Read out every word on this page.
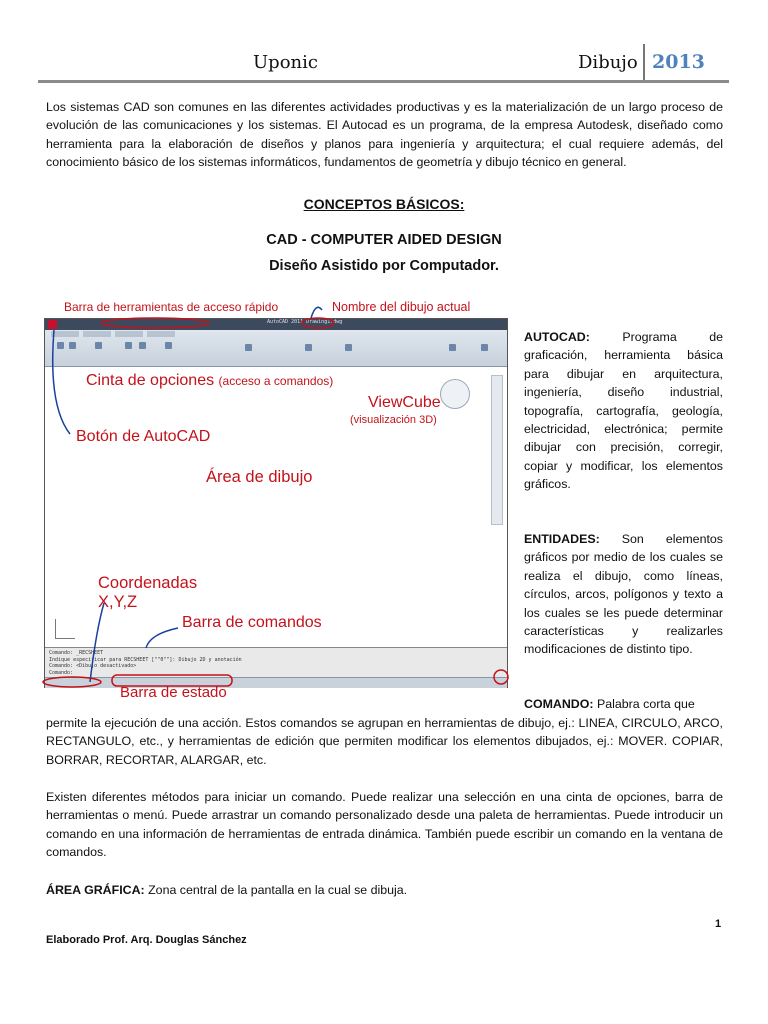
Uponic	Dibujo 2013
Los sistemas CAD son comunes en las diferentes actividades productivas y es la materialización de un largo proceso de evolución de las comunicaciones y los sistemas. El Autocad es un programa, de la empresa Autodesk, diseñado como herramienta para la elaboración de diseños y planos para ingeniería y arquitectura; el cual requiere además, del conocimiento básico de los sistemas informáticos, fundamentos de geometría y dibujo técnico en general.
CONCEPTOS BÁSICOS:
CAD - COMPUTER AIDED DESIGN
Diseño Asistido por Computador.
AutoCAD 2011 Drawing1.dwg
Comando: _RECSHEET
Indique especificar para RECSHEET [""0""]: Dibujo 2D y anotación
Comando: <Dibujo desactivado>
Comando:
Barra de herramientas de acceso rápido	Nombre del dibujo actual
Cinta de opciones (acceso a comandos)
ViewCube
(visualización 3D)
Botón de AutoCAD
Área de dibujo
Coordenadas
X,Y,Z
Barra de comandos
Barra de estado
AUTOCAD: Programa de graficación, herramienta básica para dibujar en arquitectura, ingeniería, diseño industrial, topografía, cartografía, geología, electricidad, electrónica; permite dibujar con precisión, corregir, copiar y modificar, los elementos gráficos.
ENTIDADES: Son elementos gráficos por medio de los cuales se realiza el dibujo, como líneas, círculos, arcos, polígonos y texto a los cuales se les puede determinar características y realizarles modificaciones de distinto tipo.
COMANDO: Palabra corta que
permite la ejecución de una acción. Estos comandos se agrupan en herramientas de dibujo, ej.: LINEA, CIRCULO, ARCO, RECTANGULO, etc., y herramientas de edición que permiten modificar los elementos dibujados, ej.: MOVER. COPIAR, BORRAR, RECORTAR, ALARGAR, etc.
Existen diferentes métodos para iniciar un comando. Puede realizar una selección en una cinta de opciones, barra de herramientas o menú. Puede arrastrar un comando personalizado desde una paleta de herramientas. Puede introducir un comando en una información de herramientas de entrada dinámica. También puede escribir un comando en la ventana de comandos.
ÁREA GRÁFICA: Zona central de la pantalla en la cual se dibuja.
1
Elaborado Prof. Arq. Douglas Sánchez
